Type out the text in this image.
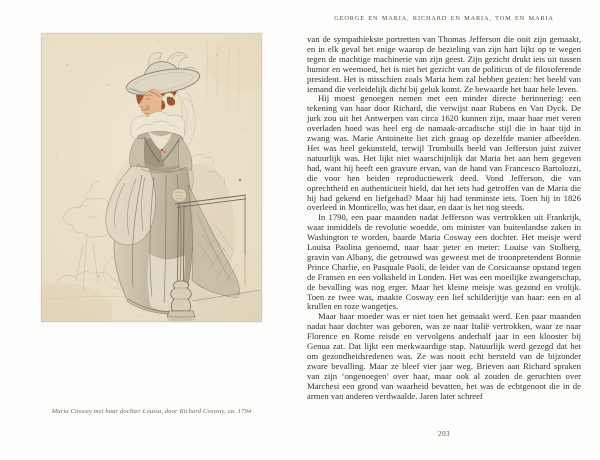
Maria Cosway met haar dochter Louisa, door Richard Cosway, ca. 1794
GEORGE EN MARIA, RICHARD EN MARIA, TOM EN MARIA

van de sympathiekste portretten van Thomas Jefferson die ooit zijn gemaakt, en in elk geval het enige waarop de bezieling van zijn hart lijkt op te wegen tegen de machtige machinerie van zijn geest. Zijn gezicht drukt iets uit tussen humor en weemoed, het is niet het gezicht van de politicus of de filosoferende president. Het is misschien zoals Maria hem zal hebben gezien: het beeld van iemand die verleidelijk dicht bij geluk komt. Ze bewaarde het haar hele leven.

Hij moest genoegen nemen met een minder directe herinnering: een tekening van haar door Richard, die verwijst naar Rubens en Van Dyck. De jurk zou uit het Antwerpen van circa 1620 kunnen zijn, maar haar met veren overladen hoed was heel erg de namaak-arcadische stijl die in haar tijd in zwang was. Marie Antoinette liet zich graag op dezelfde manier afbeelden. Het was heel gekunsteld, terwijl Trumbulls beeld van Jefferson juist zuiver natuurlijk was. Het lijkt niet waarschijnlijk dat Maria het aan hem gegeven had, want hij heeft een gravure ervan, van de hand van Francesco Bartolozzi, die voor hen beiden reproductiewerk deed. Vond Jefferson, die van oprechtheid en authenticiteit hield, dat het iets had getroffen van de Maria die hij had gekend en liefgehad? Maar hij had tenminste iets. Toen hij in 1826 overleed in Monticello, was het daar, en daar is het nog steeds.

In 1790, een paar maanden nadat Jefferson was vertrokken uit Frankrijk, waar inmiddels de revolutie woedde, om minister van buitenlandse zaken in Washington te worden, baarde Maria Cosway een dochter. Het meisje werd Louisa Paolina genoemd, naar haar peter en meter: Louise van Stolberg, gravin van Albany, die getrouwd was geweest met de troonpretendent Bonnie Prince Charlie, en Pasquale Paoli, de leider van de Corsicaanse opstand tegen de Fransen en een volksheld in Londen. Het was een moeilijke zwangerschap, de bevalling was nog erger. Maar het kleine meisje was gezond en vrolijk. Toen ze twee was, maakte Cosway een lief schilderijtje van haar: een en al krullen en roze wangetjes.

Maar haar moeder was er niet toen het gemaakt werd. Een paar maanden nadat haar dochter was geboren, was ze naar Italië vertrokken, waar ze naar Florence en Rome reisde en vervolgens anderhalf jaar in een klooster bij Genua zat. Dat lijkt een merkwaardige stap. Natuurlijk werd gezegd dat het om gezondheidsredenen was. Ze was nooit echt hersteld van de bijzonder zware bevalling. Maar ze bleef vier jaar weg. Brieven aan Richard spraken van zijn ‘ongenoegen’ over haar, maar ook al zouden de geruchten over Marchesi een grond van waarheid bevatten, het was de echtgenoot die in de armen van anderen verdwaalde. Jaren later schreef

203
